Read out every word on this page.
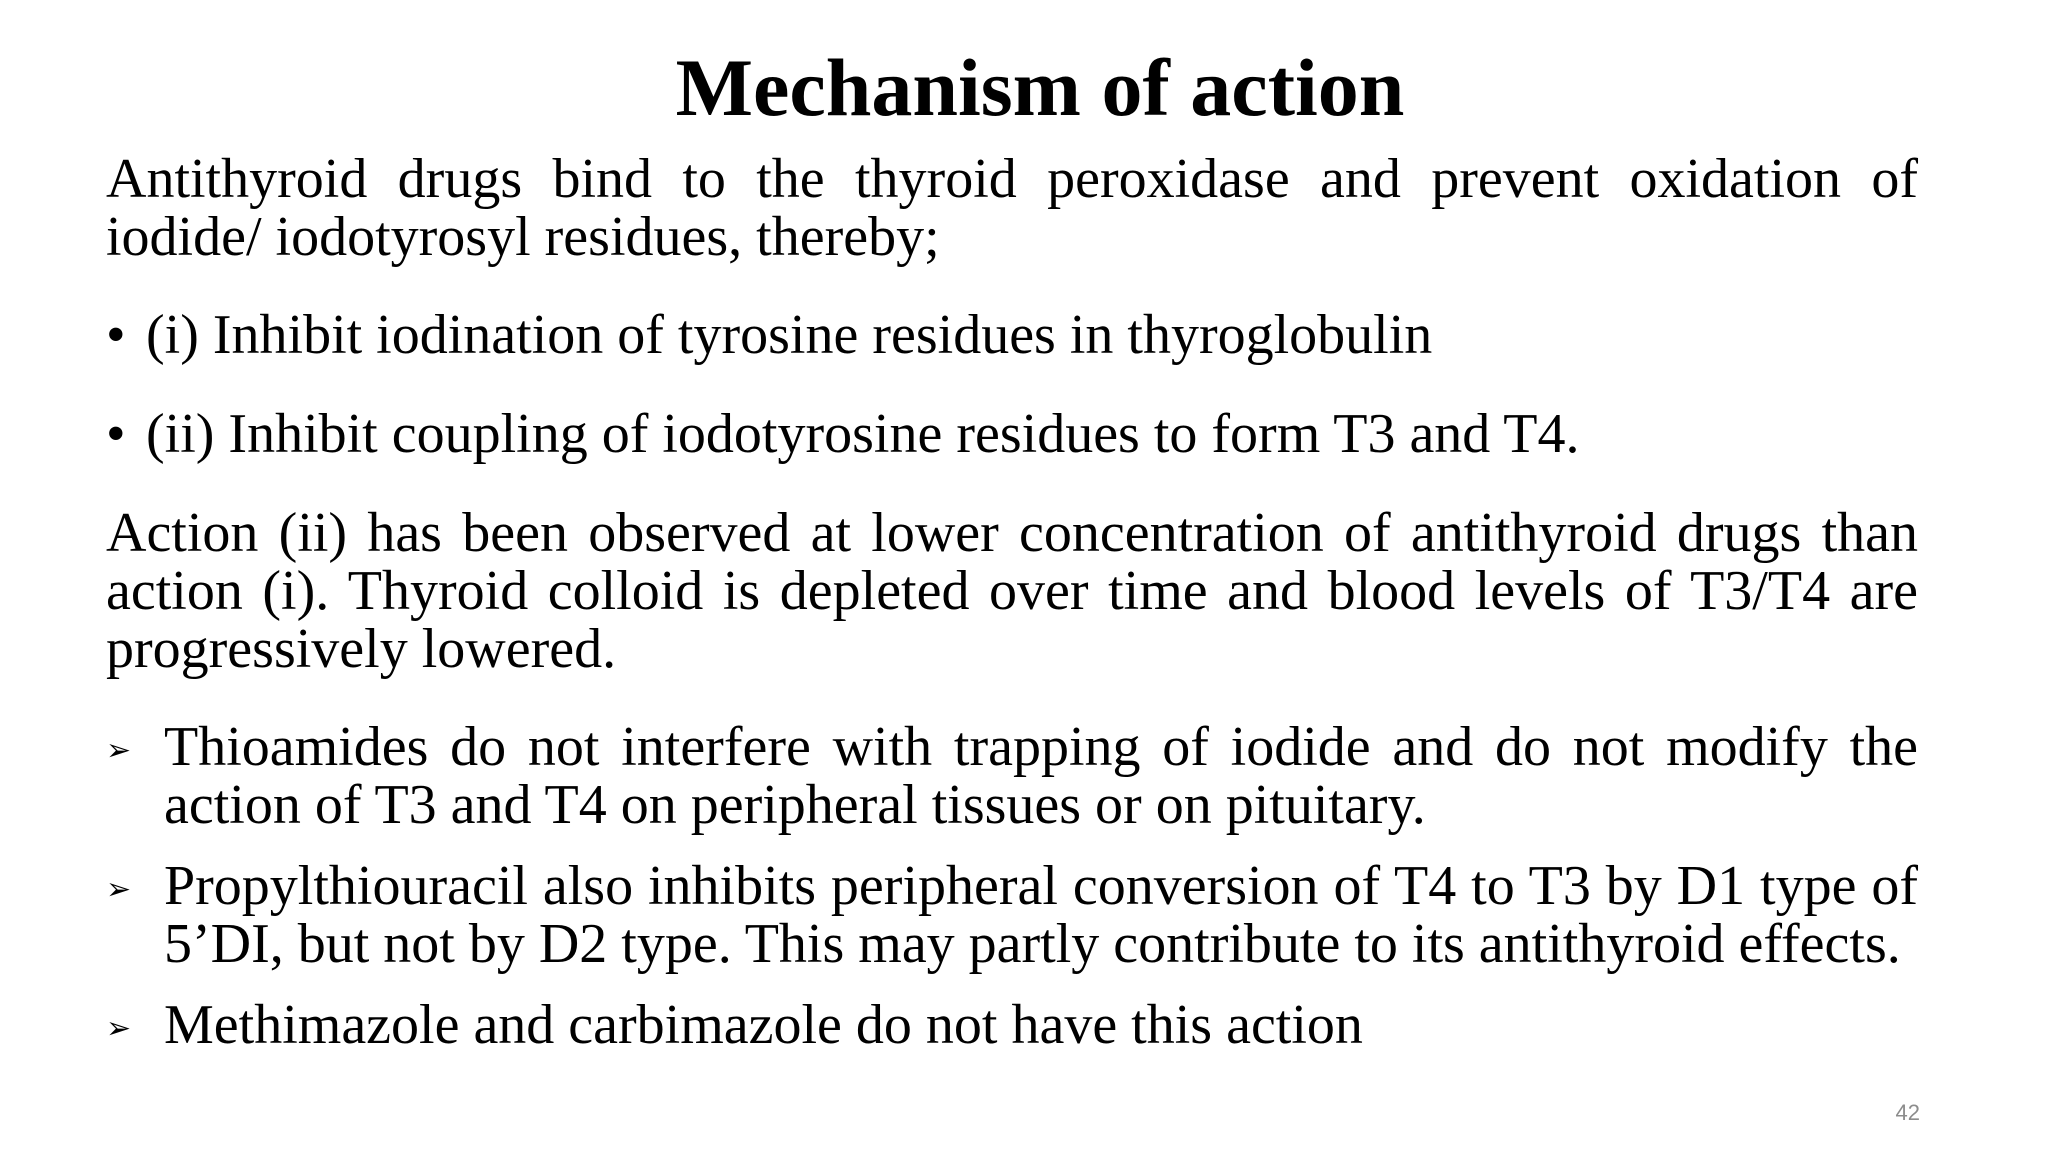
Mechanism of action

Antithyroid drugs bind to the thyroid peroxidase and prevent oxidation of iodide/ iodotyrosyl residues, thereby;

• (i) Inhibit iodination of tyrosine residues in thyroglobulin
• (ii) Inhibit coupling of iodotyrosine residues to form T3 and T4.

Action (ii) has been observed at lower concentration of antithyroid drugs than action (i). Thyroid colloid is depleted over time and blood levels of T3/T4 are progressively lowered.

➢ Thioamides do not interfere with trapping of iodide and do not modify the action of T3 and T4 on peripheral tissues or on pituitary.
➢ Propylthiouracil also inhibits peripheral conversion of T4 to T3 by D1 type of 5’DI, but not by D2 type. This may partly contribute to its antithyroid effects.
➢ Methimazole and carbimazole do not have this action
42
